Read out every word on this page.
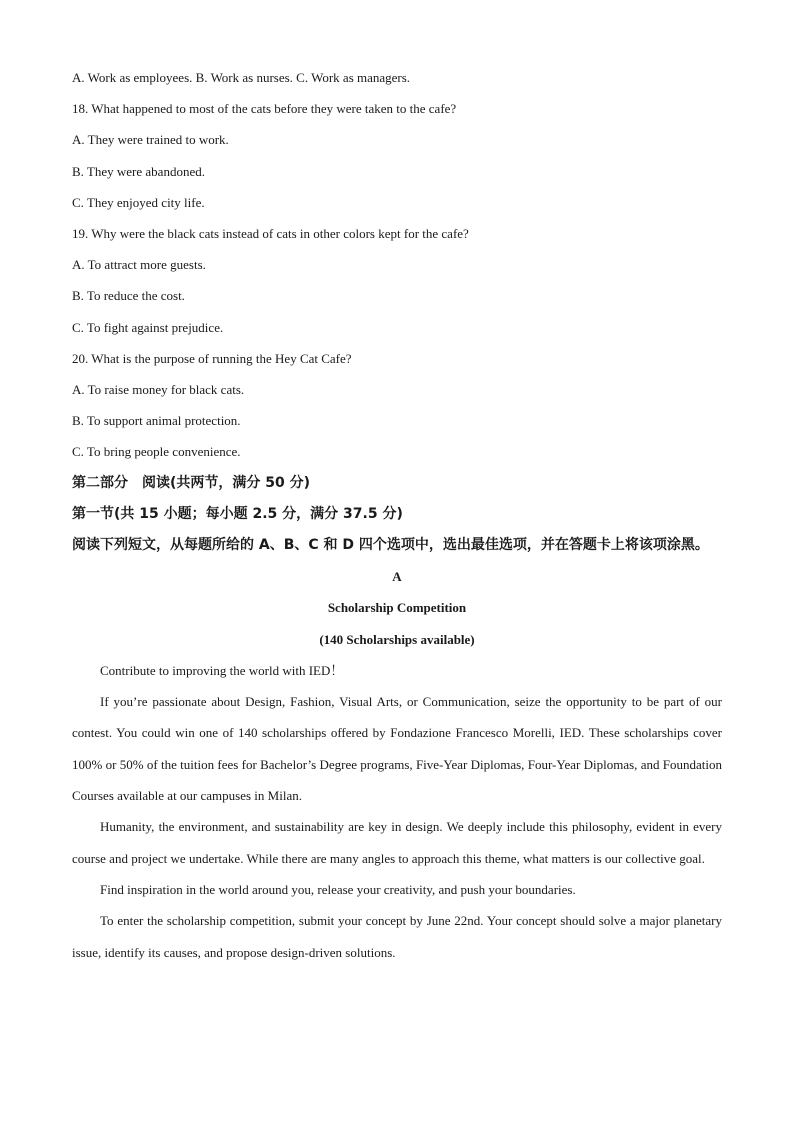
A. Work as employees. B. Work as nurses. C. Work as managers.
18. What happened to most of the cats before they were taken to the cafe?
A. They were trained to work.
B. They were abandoned.
C. They enjoyed city life.
19. Why were the black cats instead of cats in other colors kept for the cafe?
A. To attract more guests.
B. To reduce the cost.
C. To fight against prejudice.
20. What is the purpose of running the Hey Cat Cafe?
A. To raise money for black cats.
B. To support animal protection.
C. To bring people convenience.
第二部分　阅读(共两节，满分 50 分)
第一节(共 15 小题；每小题 2.5 分，满分 37.5 分)
阅读下列短文，从每题所给的 A、B、C 和 D 四个选项中，选出最佳选项，并在答题卡上将该项涂黑。
A
Scholarship Competition
(140 Scholarships available)
Contribute to improving the world with IED！
If you’re passionate about Design, Fashion, Visual Arts, or Communication, seize the opportunity to be part of our contest. You could win one of 140 scholarships offered by Fondazione Francesco Morelli, IED. These scholarships cover 100% or 50% of the tuition fees for Bachelor’s Degree programs, Five-Year Diplomas, Four-Year Diplomas, and Foundation Courses available at our campuses in Milan.
Humanity, the environment, and sustainability are key in design. We deeply include this philosophy, evident in every course and project we undertake. While there are many angles to approach this theme, what matters is our collective goal.
Find inspiration in the world around you, release your creativity, and push your boundaries.
To enter the scholarship competition, submit your concept by June 22nd. Your concept should solve a major planetary issue, identify its causes, and propose design-driven solutions.
